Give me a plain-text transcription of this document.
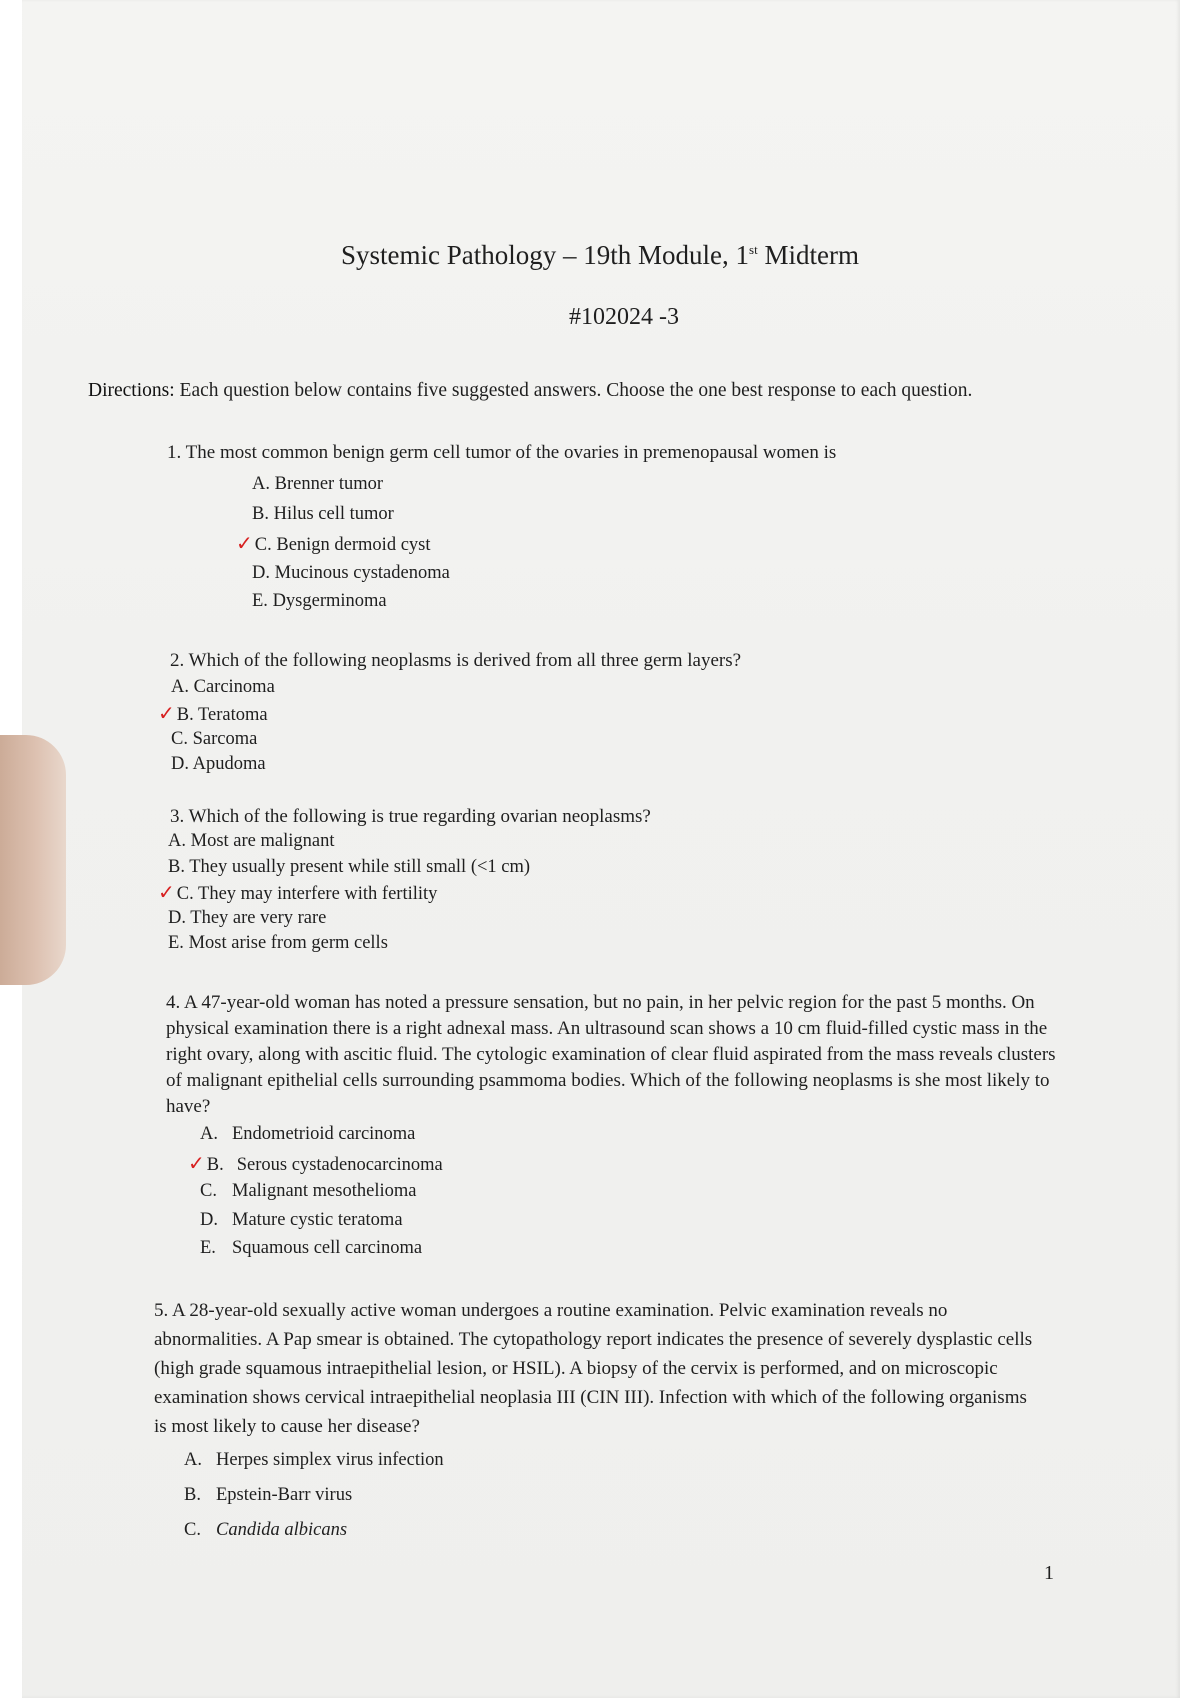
Systemic Pathology – 19th Module, 1st Midterm
#102024 -3
Directions: Each question below contains five suggested answers. Choose the one best response to each question.
1. The most common benign germ cell tumor of the ovaries in premenopausal women is
A. Brenner tumor
B. Hilus cell tumor
✓ C. Benign dermoid cyst
D. Mucinous cystadenoma
E. Dysgerminoma
2. Which of the following neoplasms is derived from all three germ layers?
A. Carcinoma
✓ B. Teratoma
C. Sarcoma
D. Apudoma
3. Which of the following is true regarding ovarian neoplasms?
A. Most are malignant
B. They usually present while still small (<1 cm)
✓ C. They may interfere with fertility
D. They are very rare
E. Most arise from germ cells
4. A 47-year-old woman has noted a pressure sensation, but no pain, in her pelvic region for the past 5 months. On physical examination there is a right adnexal mass. An ultrasound scan shows a 10 cm fluid-filled cystic mass in the right ovary, along with ascitic fluid. The cytologic examination of clear fluid aspirated from the mass reveals clusters of malignant epithelial cells surrounding psammoma bodies. Which of the following neoplasms is she most likely to have?
A. Endometrioid carcinoma
✓ B. Serous cystadenocarcinoma
C. Malignant mesothelioma
D. Mature cystic teratoma
E. Squamous cell carcinoma
5. A 28-year-old sexually active woman undergoes a routine examination. Pelvic examination reveals no abnormalities. A Pap smear is obtained. The cytopathology report indicates the presence of severely dysplastic cells (high grade squamous intraepithelial lesion, or HSIL). A biopsy of the cervix is performed, and on microscopic examination shows cervical intraepithelial neoplasia III (CIN III). Infection with which of the following organisms is most likely to cause her disease?
A. Herpes simplex virus infection
B. Epstein-Barr virus
C. Candida albicans
1
